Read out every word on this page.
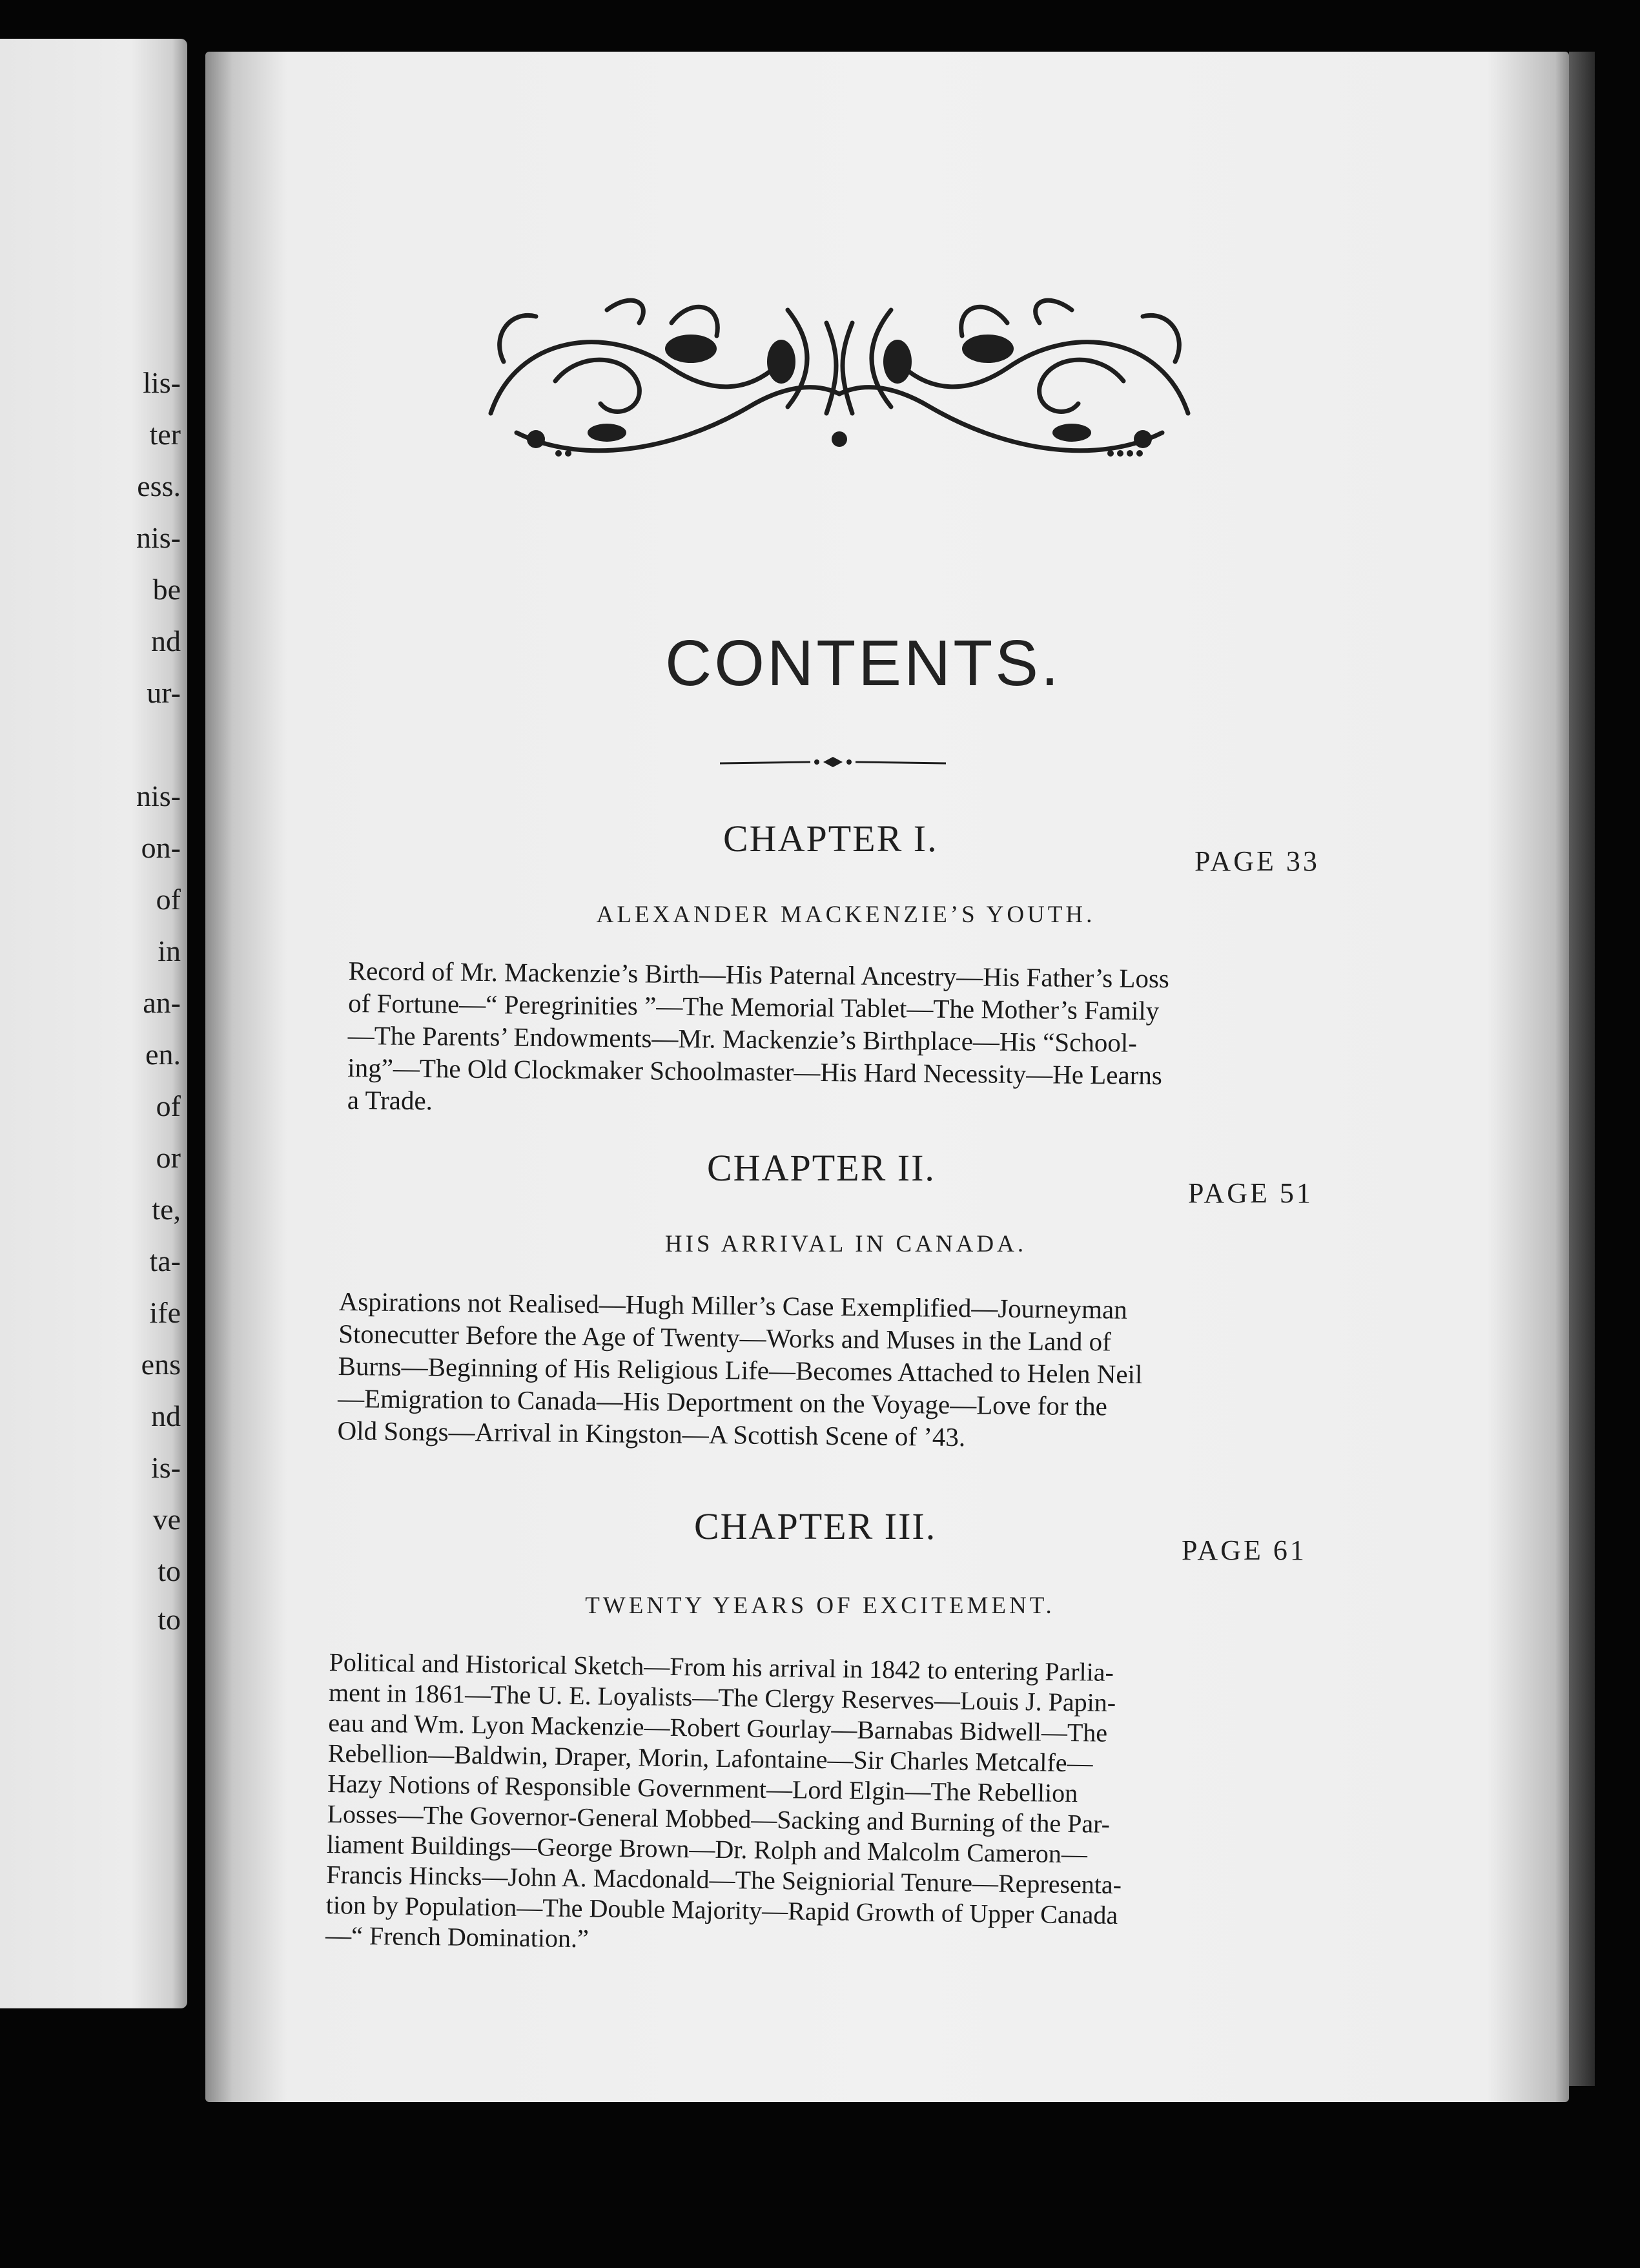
lis-
ter
ess.
nis-
be
nd
ur-
nis-
on-
of
in
an-
en.
of
or
te,
ta-
ife
ens
nd
is-
ve
to
to
CONTENTS.
CHAPTER I.
PAGE 33
ALEXANDER MACKENZIE’S YOUTH.
Record of Mr. Mackenzie’s Birth—His Paternal Ancestry—His Father’s Loss
of Fortune—“ Peregrinities ”—The Memorial Tablet—The Mother’s Family
—The Parents’ Endowments—Mr. Mackenzie’s Birthplace—His “School-
ing”—The Old Clockmaker Schoolmaster—His Hard Necessity—He Learns
a Trade.
CHAPTER II.
PAGE 51
HIS ARRIVAL IN CANADA.
Aspirations not Realised—Hugh Miller’s Case Exemplified—Journeyman
Stonecutter Before the Age of Twenty—Works and Muses in the Land of
Burns—Beginning of His Religious Life—Becomes Attached to Helen Neil
—Emigration to Canada—His Deportment on the Voyage—Love for the
Old Songs—Arrival in Kingston—A Scottish Scene of ’43.
CHAPTER III.
PAGE 61
TWENTY YEARS OF EXCITEMENT.
Political and Historical Sketch—From his arrival in 1842 to entering Parlia-
ment in 1861—The U. E. Loyalists—The Clergy Reserves—Louis J. Papin-
eau and Wm. Lyon Mackenzie—Robert Gourlay—Barnabas Bidwell—The
Rebellion—Baldwin, Draper, Morin, Lafontaine—Sir Charles Metcalfe—
Hazy Notions of Responsible Government—Lord Elgin—The Rebellion
Losses—The Governor-General Mobbed—Sacking and Burning of the Par-
liament Buildings—George Brown—Dr. Rolph and Malcolm Cameron—
Francis Hincks—John A. Macdonald—The Seigniorial Tenure—Representa-
tion by Population—The Double Majority—Rapid Growth of Upper Canada
—“ French Domination.”
